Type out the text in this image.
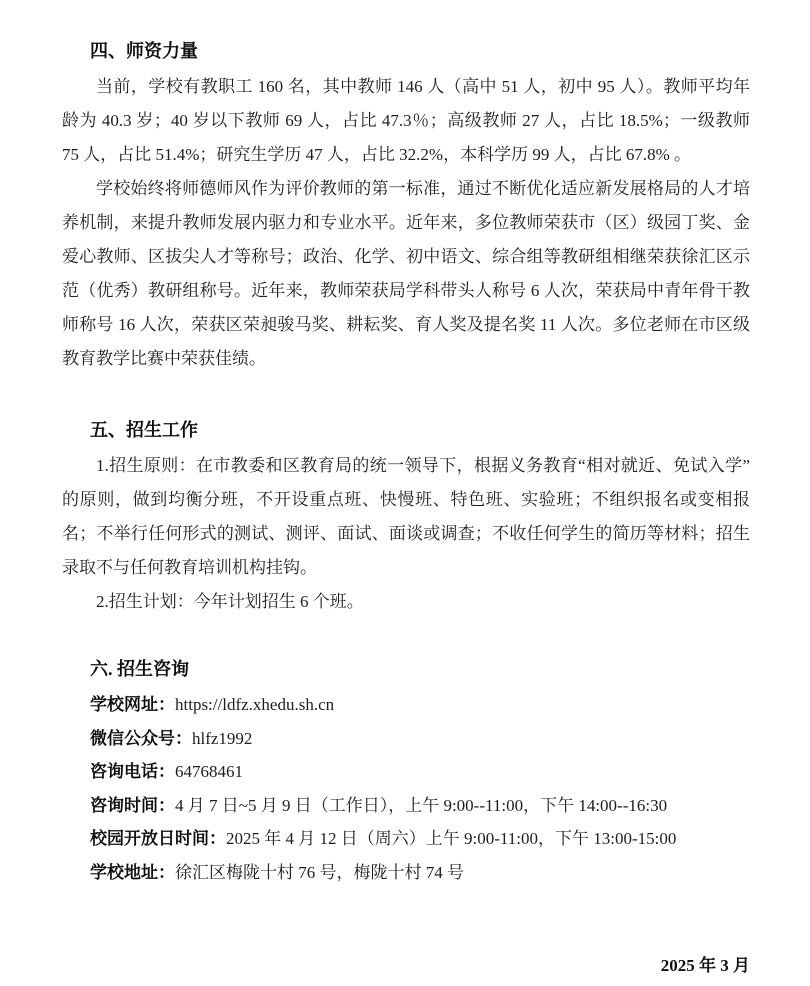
四、师资力量

当前，学校有教职工 160 名，其中教师 146 人（高中 51 人，初中 95 人）。教师平均年龄为 40.3 岁；40 岁以下教师 69 人，占比 47.3％；高级教师 27 人，占比 18.5%；一级教师 75 人，占比 51.4%；研究生学历 47 人，占比 32.2%，本科学历 99 人，占比 67.8% 。

学校始终将师德师风作为评价教师的第一标准，通过不断优化适应新发展格局的人才培养机制，来提升教师发展内驱力和专业水平。近年来，多位教师荣获市（区）级园丁奖、金爱心教师、区拔尖人才等称号；政治、化学、初中语文、综合组等教研组相继荣获徐汇区示范（优秀）教研组称号。近年来，教师荣获局学科带头人称号 6 人次，荣获局中青年骨干教师称号 16 人次，荣获区荣昶骏马奖、耕耘奖、育人奖及提名奖 11 人次。多位老师在市区级教育教学比赛中荣获佳绩。

五、招生工作

1.招生原则：在市教委和区教育局的统一领导下，根据义务教育“相对就近、免试入学”的原则，做到均衡分班，不开设重点班、快慢班、特色班、实验班；不组织报名或变相报名；不举行任何形式的测试、测评、面试、面谈或调查；不收任何学生的简历等材料；招生录取不与任何教育培训机构挂钩。

2.招生计划：今年计划招生 6 个班。

六. 招生咨询
学校网址：https://ldfz.xhedu.sh.cn
微信公众号：hlfz1992
咨询电话：64768461
咨询时间：4 月 7 日~5 月 9 日（工作日），上午 9:00--11:00，下午 14:00--16:30
校园开放日时间：2025 年 4 月 12 日（周六）上午 9:00-11:00，下午 13:00-15:00
学校地址：徐汇区梅陇十村 76 号，梅陇十村 74 号
2025 年 3 月
